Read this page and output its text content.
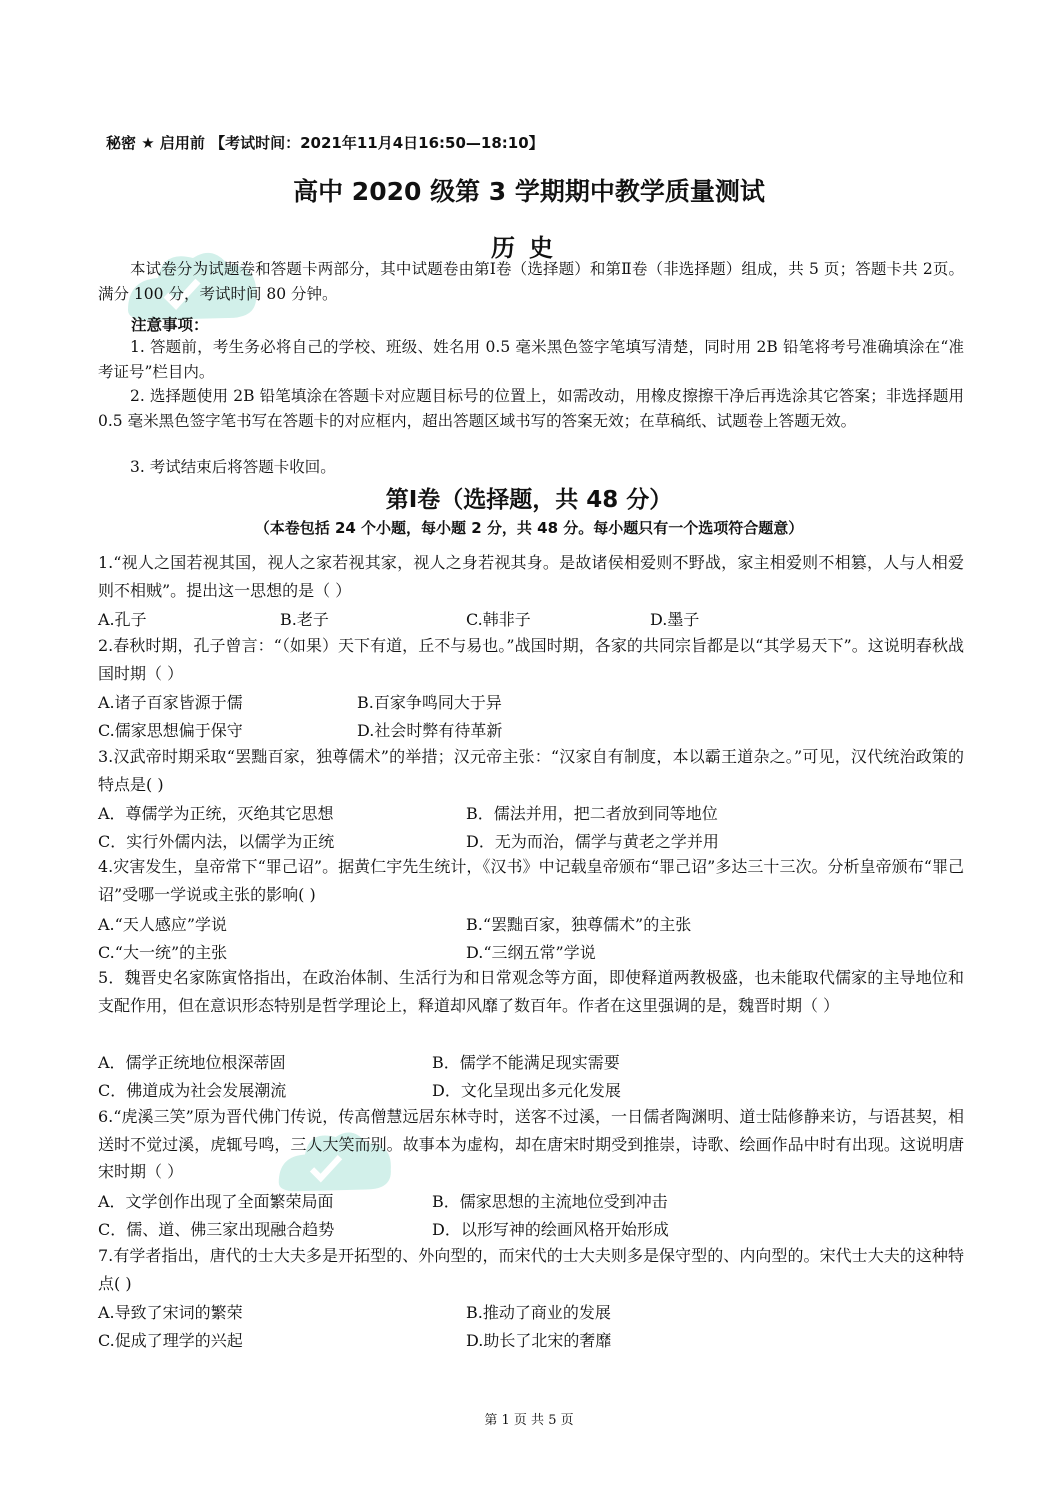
秘密 ★ 启用前 【考试时间：2021年11月4日16:50—18:10】
高中 2020 级第 3 学期期中教学质量测试
历史
本试卷分为试题卷和答题卡两部分，其中试题卷由第Ⅰ卷（选择题）和第Ⅱ卷（非选择题）组成，共 5 页；答题卡共 2页。满分 100 分，考试时间 80 分钟。
注意事项：
1. 答题前，考生务必将自己的学校、班级、姓名用 0.5 毫米黑色签字笔填写清楚，同时用 2B 铅笔将考号准确填涂在“准考证号”栏目内。
2. 选择题使用 2B 铅笔填涂在答题卡对应题目标号的位置上，如需改动，用橡皮擦擦干净后再选涂其它答案；非选择题用 0.5 毫米黑色签字笔书写在答题卡的对应框内，超出答题区域书写的答案无效；在草稿纸、试题卷上答题无效。
3. 考试结束后将答题卡收回。
第Ⅰ卷（选择题，共 48 分）
（本卷包括 24 个小题，每小题 2 分，共 48 分。每小题只有一个选项符合题意）
1.“视人之国若视其国，视人之家若视其家，视人之身若视其身。是故诸侯相爱则不野战，家主相爱则不相篡，人与人相爱则不相贼”。提出这一思想的是（ ）
A.孔子	B.老子	C.韩非子	D.墨子
2.春秋时期，孔子曾言：“（如果）天下有道，丘不与易也。”战国时期，各家的共同宗旨都是以“其学易天下”。这说明春秋战国时期（ ）
A.诸子百家皆源于儒	B.百家争鸣同大于异
C.儒家思想偏于保守	D.社会时弊有待革新
3.汉武帝时期采取“罢黜百家，独尊儒术”的举措；汉元帝主张：“汉家自有制度，本以霸王道杂之。”可见，汉代统治政策的特点是( )
A．尊儒学为正统，灭绝其它思想	B．儒法并用，把二者放到同等地位
C．实行外儒内法，以儒学为正统	D．无为而治，儒学与黄老之学并用
4.灾害发生，皇帝常下“罪己诏”。据黄仁宇先生统计，《汉书》中记载皇帝颁布“罪己诏”多达三十三次。分析皇帝颁布“罪己诏”受哪一学说或主张的影响( )
A.“天人感应”学说	B.“罢黜百家，独尊儒术”的主张
C.“大一统”的主张	D.“三纲五常”学说
5．魏晋史名家陈寅恪指出，在政治体制、生活行为和日常观念等方面，即使释道两教极盛，也未能取代儒家的主导地位和支配作用，但在意识形态特别是哲学理论上，释道却风靡了数百年。作者在这里强调的是，魏晋时期（ ）
A．儒学正统地位根深蒂固	B．儒学不能满足现实需要
C．佛道成为社会发展潮流	D．文化呈现出多元化发展
6.“虎溪三笑”原为晋代佛门传说，传高僧慧远居东林寺时，送客不过溪，一日儒者陶渊明、道士陆修静来访，与语甚契，相送时不觉过溪，虎辄号鸣，三人大笑而别。故事本为虚构，却在唐宋时期受到推崇，诗歌、绘画作品中时有出现。这说明唐宋时期（ ）
A．文学创作出现了全面繁荣局面	B．儒家思想的主流地位受到冲击
C．儒、道、佛三家出现融合趋势	D．以形写神的绘画风格开始形成
7.有学者指出，唐代的士大夫多是开拓型的、外向型的，而宋代的士大夫则多是保守型的、内向型的。宋代士大夫的这种特点( )
A.导致了宋词的繁荣	B.推动了商业的发展
C.促成了理学的兴起	D.助长了北宋的奢靡
第 1 页 共 5 页
